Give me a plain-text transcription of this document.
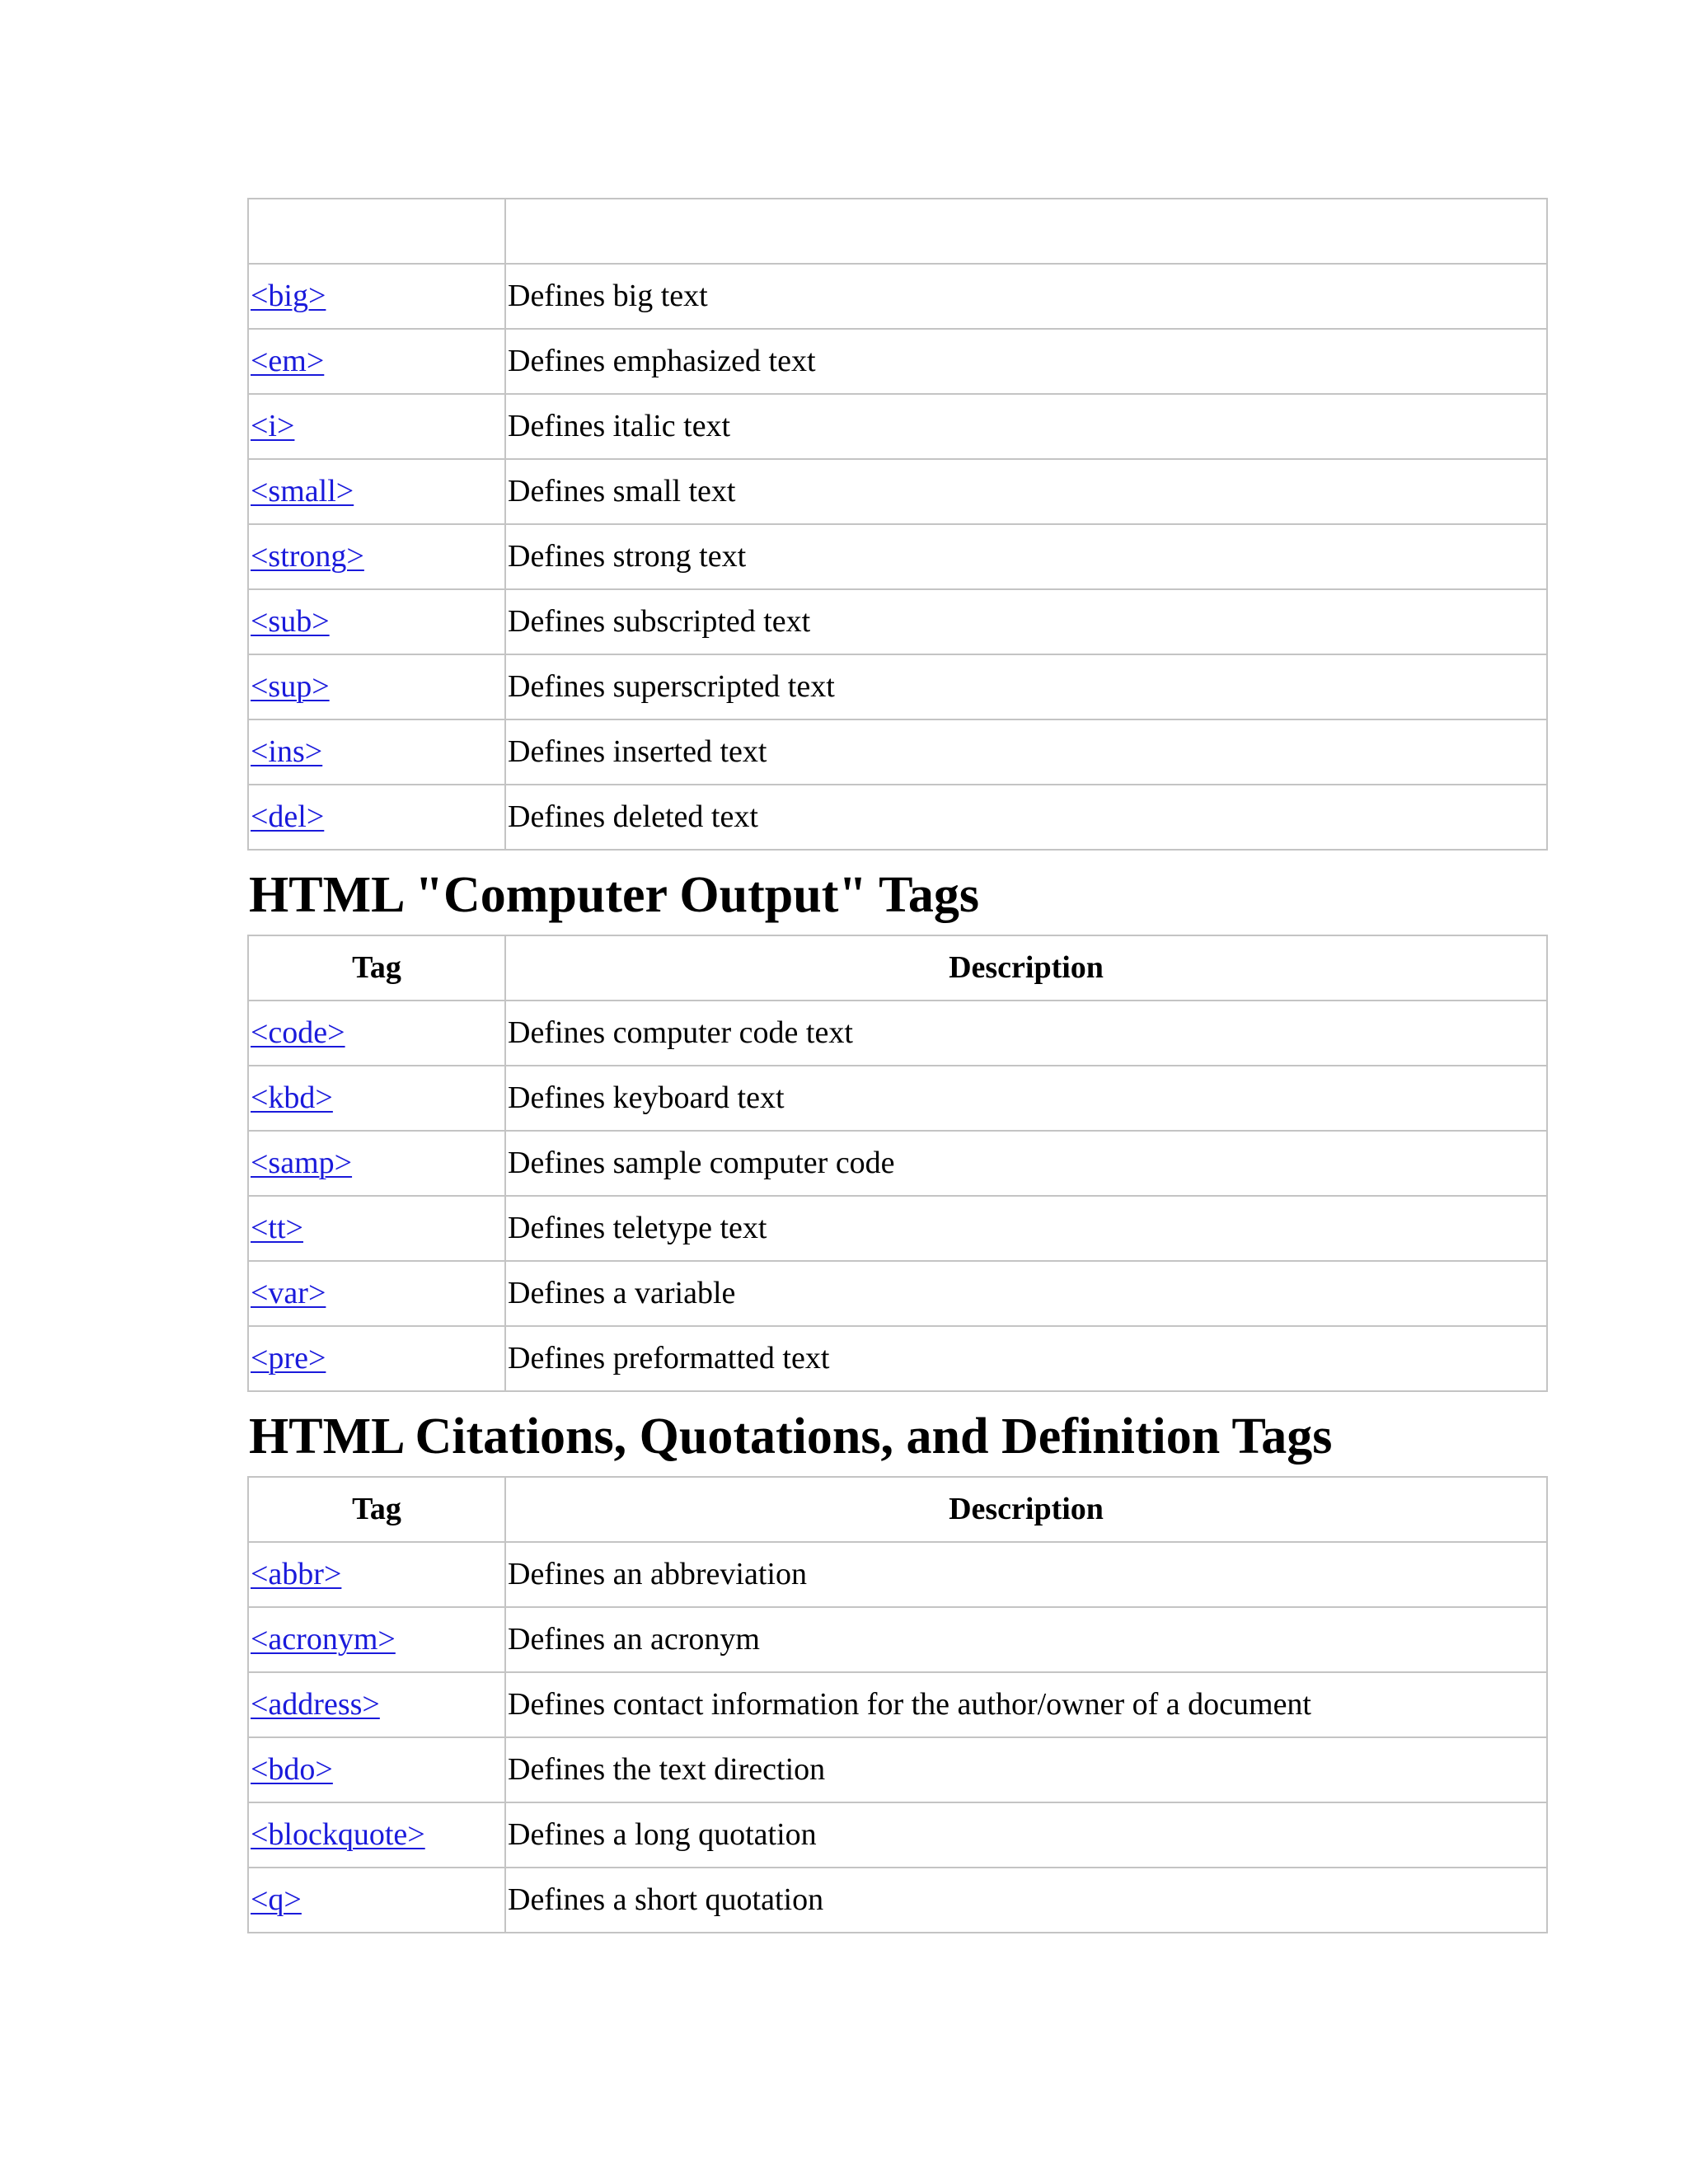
<big>	Defines big text
<em>	Defines emphasized text
<i>	Defines italic text
<small>	Defines small text
<strong>	Defines strong text
<sub>	Defines subscripted text
<sup>	Defines superscripted text
<ins>	Defines inserted text
<del>	Defines deleted text
HTML "Computer Output" Tags
Tag	Description
<code>	Defines computer code text
<kbd>	Defines keyboard text
<samp>	Defines sample computer code
<tt>	Defines teletype text
<var>	Defines a variable
<pre>	Defines preformatted text
HTML Citations, Quotations, and Definition Tags
Tag	Description
<abbr>	Defines an abbreviation
<acronym>	Defines an acronym
<address>	Defines contact information for the author/owner of a document
<bdo>	Defines the text direction
<blockquote>	Defines a long quotation
<q>	Defines a short quotation
